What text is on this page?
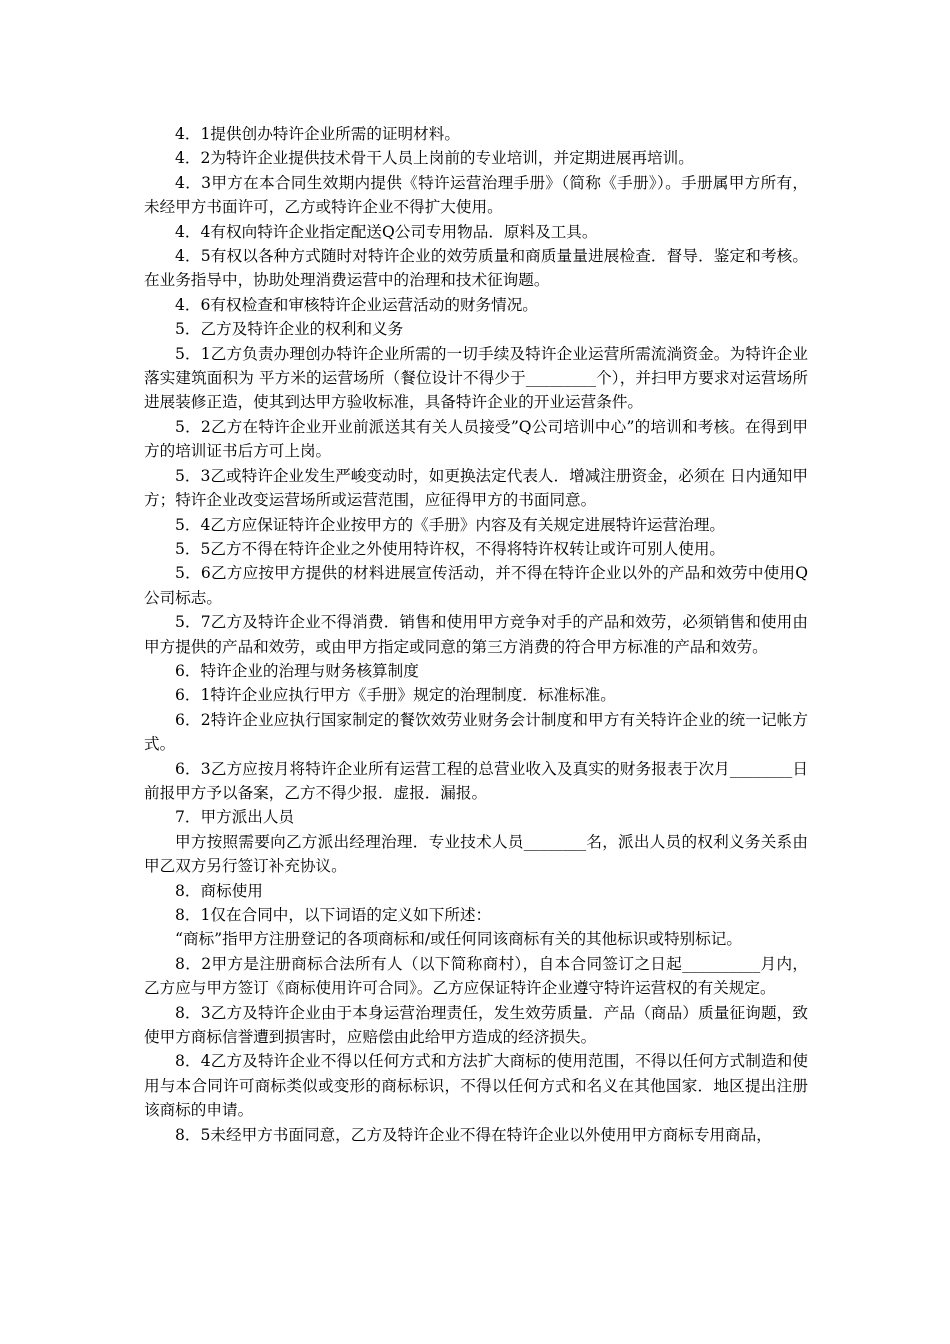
4．1提供创办特许企业所需的证明材料。

4．2为特许企业提供技术骨干人员上岗前的专业培训，并定期进展再培训。

4．3甲方在本合同生效期内提供《特许运营治理手册》（简称《手册》）。手册属甲方所有，未经甲方书面许可，乙方或特许企业不得扩大使用。

4．4有权向特许企业指定配送Q公司专用物品．原料及工具。

4．5有权以各种方式随时对特许企业的效劳质量和商质量量进展检查．督导．鉴定和考核。在业务指导中，协助处理消费运营中的治理和技术征询题。

4．6有权检查和审核特许企业运营活动的财务情况。

5．乙方及特许企业的权利和义务

5．1乙方负责办理创办特许企业所需的一切手续及特许企业运营所需流淌资金。为特许企业落实建筑面积为 平方米的运营场所（餐位设计不得少于_________个），并扫甲方要求对运营场所进展装修正造，使其到达甲方验收标准，具备特许企业的开业运营条件。

5．2乙方在特许企业开业前派送其有关人员接受”Q公司培训中心”的培训和考核。在得到甲方的培训证书后方可上岗。

5．3乙或特许企业发生严峻变动时，如更换法定代表人．增减注册资金，必须在 日内通知甲方；特许企业改变运营场所或运营范围，应征得甲方的书面同意。

5．4乙方应保证特许企业按甲方的《手册》内容及有关规定进展特许运营治理。

5．5乙方不得在特许企业之外使用特许权，不得将特许权转让或许可别人使用。

5．6乙方应按甲方提供的材料进展宣传活动，并不得在特许企业以外的产品和效劳中使用Q公司标志。

5．7乙方及特许企业不得消费．销售和使用甲方竞争对手的产品和效劳，必须销售和使用由甲方提供的产品和效劳，或由甲方指定或同意的第三方消费的符合甲方标准的产品和效劳。

6．特许企业的治理与财务核算制度

6．1特许企业应执行甲方《手册》规定的治理制度．标准标准。

6．2特许企业应执行国家制定的餐饮效劳业财务会计制度和甲方有关特许企业的统一记帐方式。

6．3乙方应按月将特许企业所有运营工程的总营业收入及真实的财务报表于次月________日前报甲方予以备案，乙方不得少报．虚报．漏报。

7．甲方派出人员

甲方按照需要向乙方派出经理治理．专业技术人员________名，派出人员的权利义务关系由甲乙双方另行签订补充协议。

8．商标使用

8．1仅在合同中，以下词语的定义如下所述：

“商标”指甲方注册登记的各项商标和/或任何同该商标有关的其他标识或特别标记。

8．2甲方是注册商标合法所有人（以下简称商村），自本合同签订之日起__________月内，乙方应与甲方签订《商标使用许可合同》。乙方应保证特许企业遵守特许运营权的有关规定。

8．3乙方及特许企业由于本身运营治理责任，发生效劳质量．产品（商品）质量征询题，致使甲方商标信誉遭到损害时，应赔偿由此给甲方造成的经济损失。

8．4乙方及特许企业不得以任何方式和方法扩大商标的使用范围，不得以任何方式制造和使用与本合同许可商标类似或变形的商标标识，不得以任何方式和名义在其他国家．地区提出注册该商标的申请。

8．5未经甲方书面同意，乙方及特许企业不得在特许企业以外使用甲方商标专用商品，
